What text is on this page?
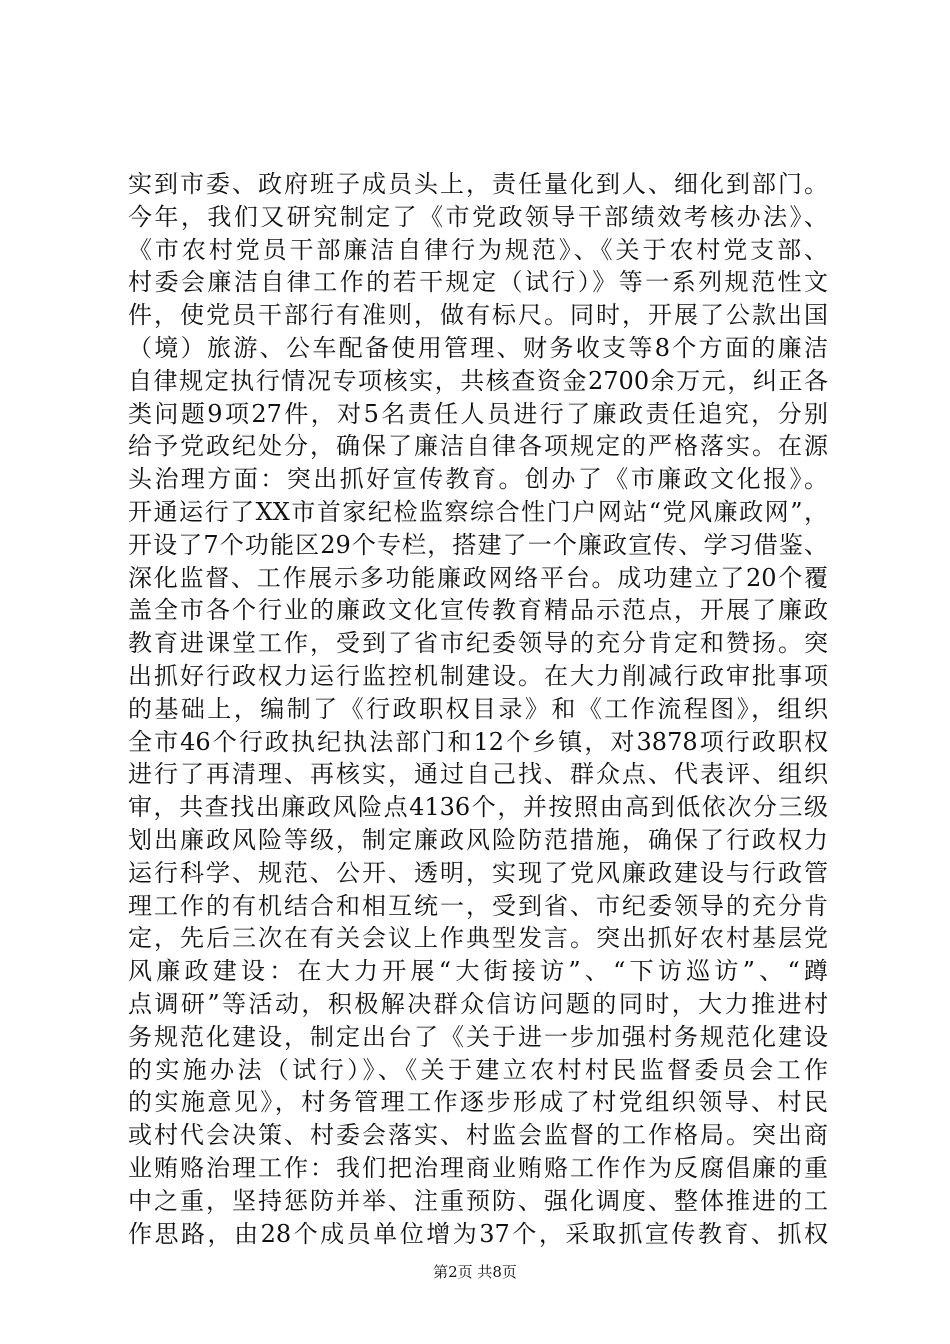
实到市委、政府班子成员头上，责任量化到人、细化到部门。
今年，我们又研究制定了《市党政领导干部绩效考核办法》、
《市农村党员干部廉洁自律行为规范》、《关于农村党支部、
村委会廉洁自律工作的若干规定（试行）》等一系列规范性文
件，使党员干部行有准则，做有标尺。同时，开展了公款出国
（境）旅游、公车配备使用管理、财务收支等8个方面的廉洁
自律规定执行情况专项核实，共核查资金2700余万元，纠正各
类问题9项27件，对5名责任人员进行了廉政责任追究，分别
给予党政纪处分，确保了廉洁自律各项规定的严格落实。在源
头治理方面：突出抓好宣传教育。创办了《市廉政文化报》。
开通运行了XX市首家纪检监察综合性门户网站“党风廉政网”，
开设了7个功能区29个专栏，搭建了一个廉政宣传、学习借鉴、
深化监督、工作展示多功能廉政网络平台。成功建立了20个覆
盖全市各个行业的廉政文化宣传教育精品示范点，开展了廉政
教育进课堂工作，受到了省市纪委领导的充分肯定和赞扬。突
出抓好行政权力运行监控机制建设。在大力削减行政审批事项
的基础上，编制了《行政职权目录》和《工作流程图》，组织
全市46个行政执纪执法部门和12个乡镇，对3878项行政职权
进行了再清理、再核实，通过自己找、群众点、代表评、组织
审，共查找出廉政风险点4136个，并按照由高到低依次分三级
划出廉政风险等级，制定廉政风险防范措施，确保了行政权力
运行科学、规范、公开、透明，实现了党风廉政建设与行政管
理工作的有机结合和相互统一，受到省、市纪委领导的充分肯
定，先后三次在有关会议上作典型发言。突出抓好农村基层党
风廉政建设：在大力开展“大街接访”、“下访巡访”、“蹲
点调研”等活动，积极解决群众信访问题的同时，大力推进村
务规范化建设，制定出台了《关于进一步加强村务规范化建设
的实施办法（试行）》、《关于建立农村村民监督委员会工作
的实施意见》，村务管理工作逐步形成了村党组织领导、村民
或村代会决策、村委会落实、村监会监督的工作格局。突出商
业贿赂治理工作：我们把治理商业贿赂工作作为反腐倡廉的重
中之重，坚持惩防并举、注重预防、强化调度、整体推进的工
作思路，由28个成员单位增为37个，采取抓宣传教育、抓权
第2页 共8页
